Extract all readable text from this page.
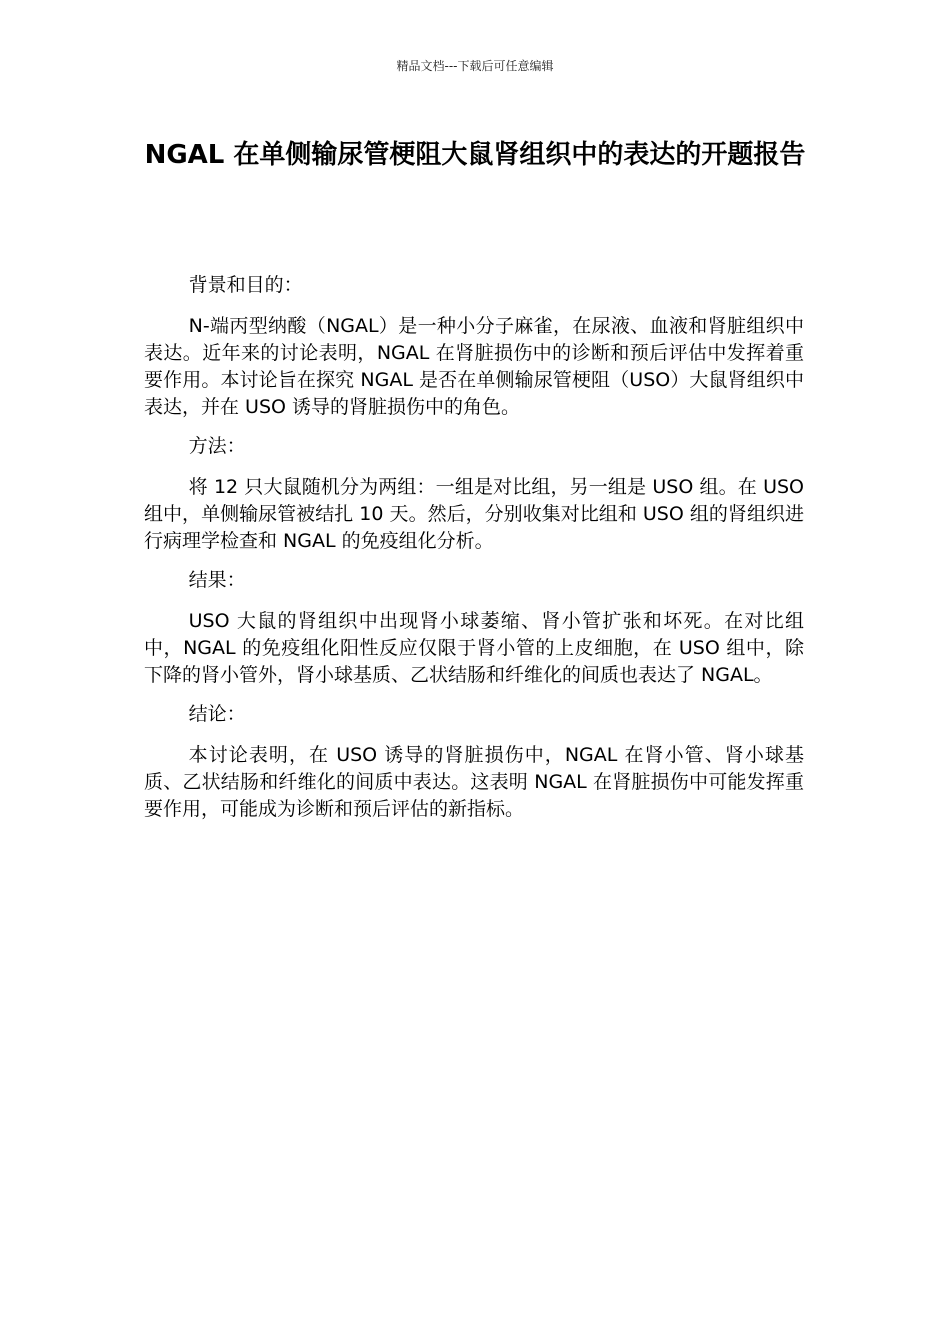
精品文档---下载后可任意编辑
NGAL 在单侧输尿管梗阻大鼠肾组织中的表达的开题报告

背景和目的：

N-端丙型纳酸（NGAL）是一种小分子麻雀，在尿液、血液和肾脏组织中表达。近年来的讨论表明，NGAL 在肾脏损伤中的诊断和预后评估中发挥着重要作用。本讨论旨在探究 NGAL 是否在单侧输尿管梗阻（USO）大鼠肾组织中表达，并在 USO 诱导的肾脏损伤中的角色。

方法：

将 12 只大鼠随机分为两组：一组是对比组，另一组是 USO 组。在 USO 组中，单侧输尿管被结扎 10 天。然后，分别收集对比组和 USO 组的肾组织进行病理学检查和 NGAL 的免疫组化分析。

结果：

USO 大鼠的肾组织中出现肾小球萎缩、肾小管扩张和坏死。在对比组中，NGAL 的免疫组化阳性反应仅限于肾小管的上皮细胞，在 USO 组中，除下降的肾小管外，肾小球基质、乙状结肠和纤维化的间质也表达了 NGAL。

结论：

本讨论表明，在 USO 诱导的肾脏损伤中，NGAL 在肾小管、肾小球基质、乙状结肠和纤维化的间质中表达。这表明 NGAL 在肾脏损伤中可能发挥重要作用，可能成为诊断和预后评估的新指标。
